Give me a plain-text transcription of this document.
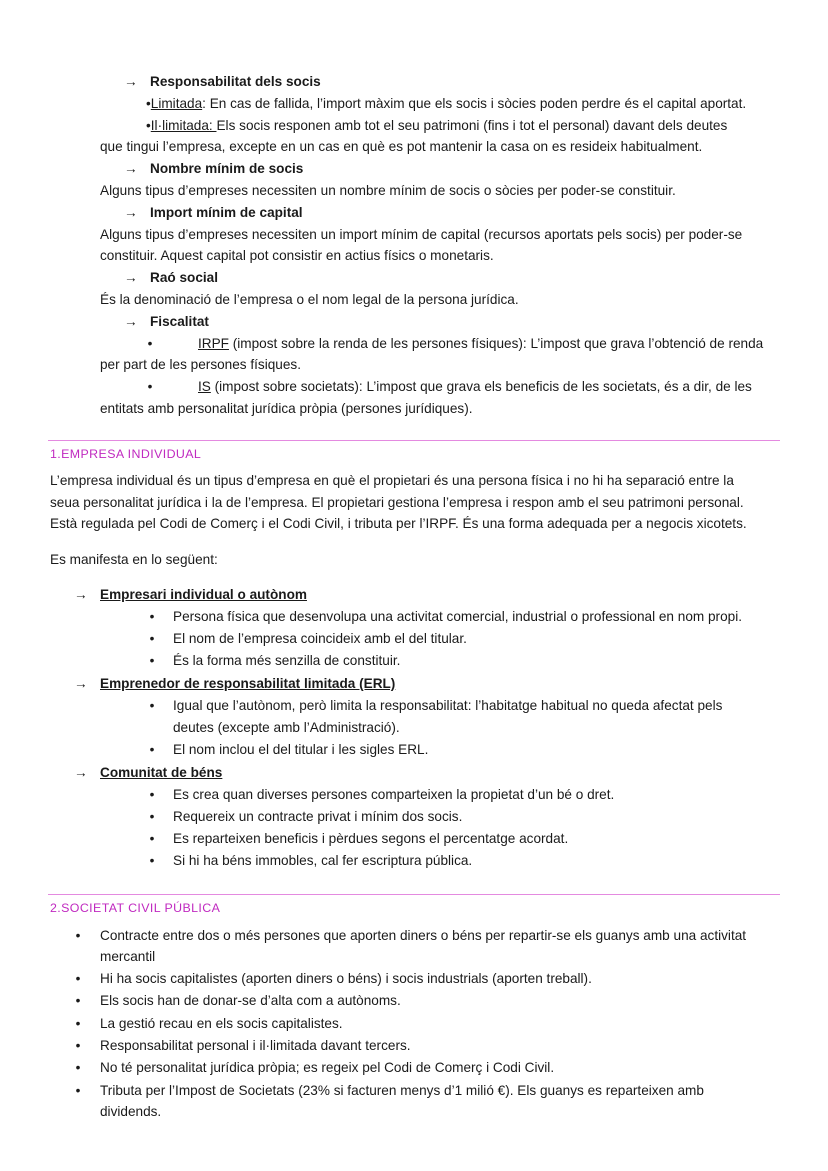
→ Responsabilitat dels socis
•Limitada: En cas de fallida, l’import màxim que els socis i sòcies poden perdre és el capital aportat.
•Il·limitada: Els socis responen amb tot el seu patrimoni (fins i tot el personal) davant dels deutes
que tingui l’empresa, excepte en un cas en què es pot mantenir la casa on es resideix habitualment.
→ Nombre mínim de socis
Alguns tipus d’empreses necessiten un nombre mínim de socis o sòcies per poder-se constituir.
→ Import mínim de capital
Alguns tipus d’empreses necessiten un import mínim de capital (recursos aportats pels socis) per poder-se
constituir. Aquest capital pot consistir en actius físics o monetaris.
→ Raó social
És la denominació de l’empresa o el nom legal de la persona jurídica.
→ Fiscalitat
•	IRPF (impost sobre la renda de les persones físiques): L’impost que grava l’obtenció de renda
per part de les persones físiques.
•	IS (impost sobre societats): L’impost que grava els beneficis de les societats, és a dir, de les
entitats amb personalitat jurídica pròpia (persones jurídiques).
1.EMPRESA INDIVIDUAL
L’empresa individual és un tipus d’empresa en què el propietari és una persona física i no hi ha separació entre la
seua personalitat jurídica i la de l’empresa. El propietari gestiona l’empresa i respon amb el seu patrimoni personal.
Està regulada pel Codi de Comerç i el Codi Civil, i tributa per l’IRPF. És una forma adequada per a negocis xicotets.
Es manifesta en lo següent:
→ Empresari individual o autònom
• Persona física que desenvolupa una activitat comercial, industrial o professional en nom propi.
• El nom de l’empresa coincideix amb el del titular.
• És la forma més senzilla de constituir.
→ Emprenedor de responsabilitat limitada (ERL)
• Igual que l’autònom, però limita la responsabilitat: l’habitatge habitual no queda afectat pels
deutes (excepte amb l’Administració).
• El nom inclou el del titular i les sigles ERL.
→ Comunitat de béns
• Es crea quan diverses persones comparteixen la propietat d’un bé o dret.
• Requereix un contracte privat i mínim dos socis.
• Es reparteixen beneficis i pèrdues segons el percentatge acordat.
• Si hi ha béns immobles, cal fer escriptura pública.
2.SOCIETAT CIVIL PÚBLICA
• Contracte entre dos o més persones que aporten diners o béns per repartir-se els guanys amb una activitat
mercantil
• Hi ha socis capitalistes (aporten diners o béns) i socis industrials (aporten treball).
• Els socis han de donar-se d’alta com a autònoms.
• La gestió recau en els socis capitalistes.
• Responsabilitat personal i il·limitada davant tercers.
• No té personalitat jurídica pròpia; es regeix pel Codi de Comerç i Codi Civil.
• Tributa per l’Impost de Societats (23% si facturen menys d’1 milió €). Els guanys es reparteixen amb
dividends.
